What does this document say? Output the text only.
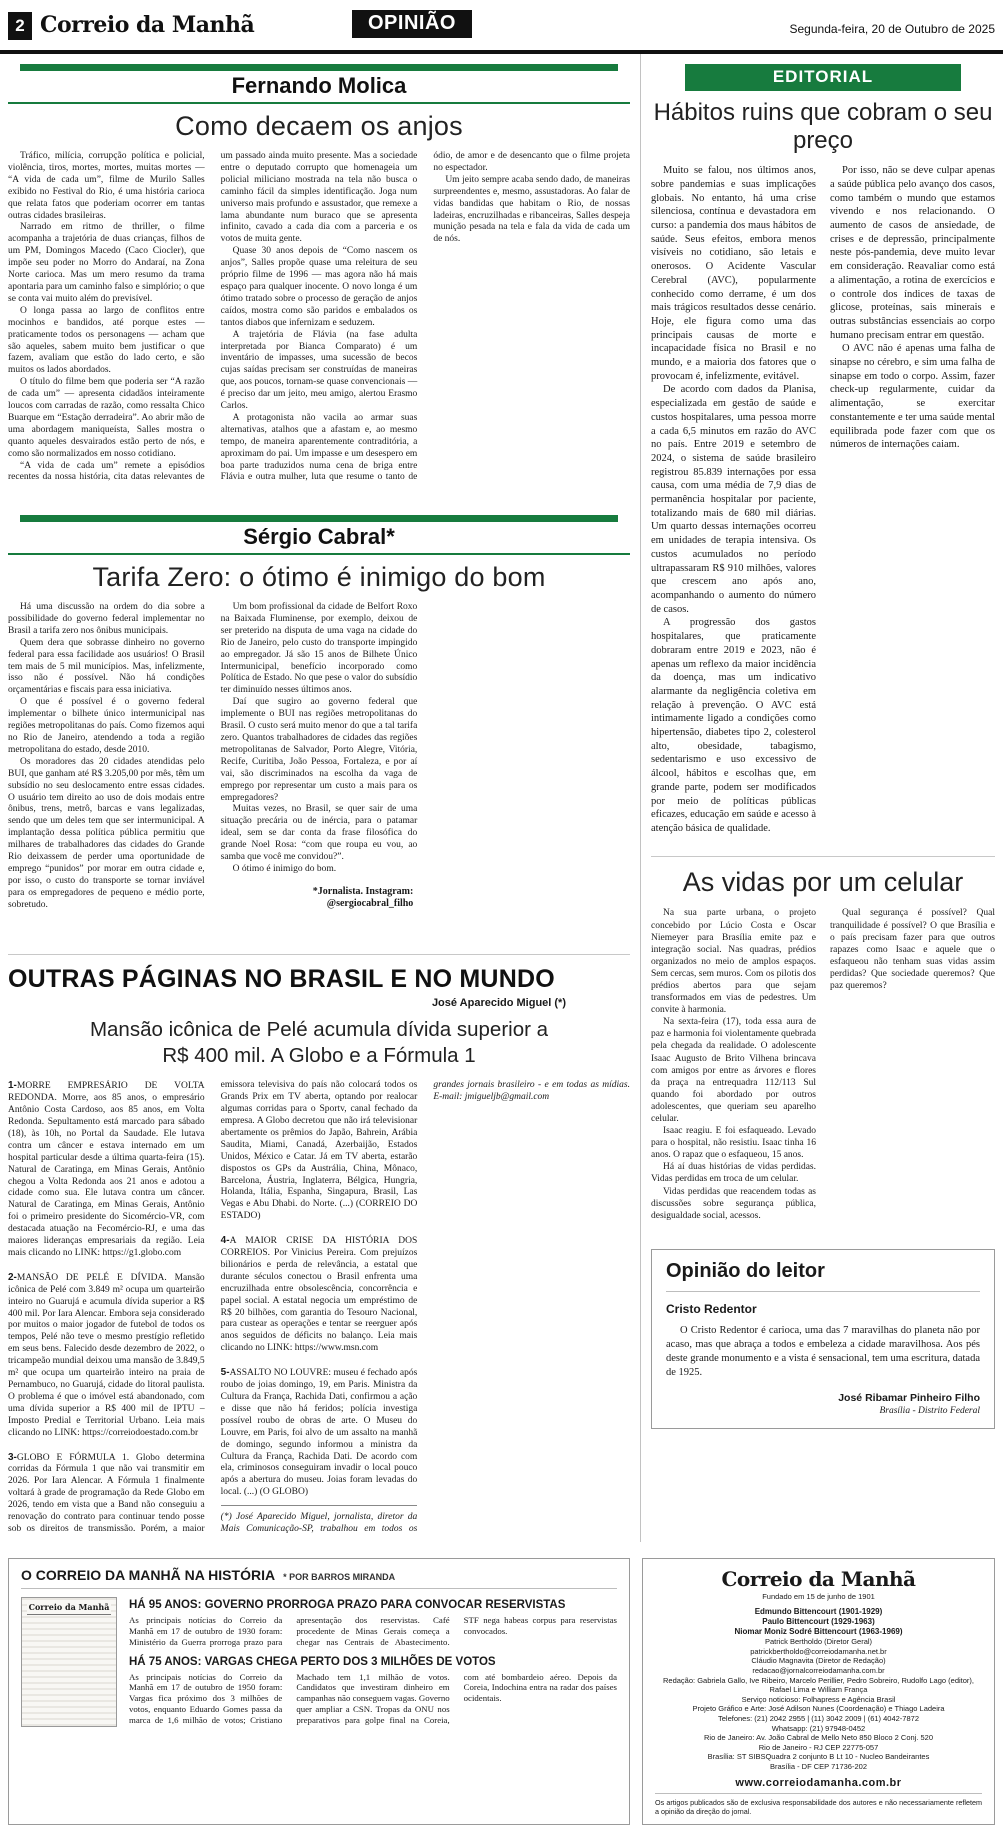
2 Correio da Manhã	OPINIÃO	Segunda-feira, 20 de Outubro de 2025
Fernando Molica
Como decaem os anjos

Tráfico, milícia, corrupção política e policial, violência, tiros, mortes, mortes, muitas mortes — “A vida de cada um”, filme de Murilo Salles exibido no Festival do Rio, é uma história carioca que relata fatos que poderiam ocorrer em tantas outras cidades brasileiras.

Narrado em ritmo de thriller, o filme acompanha a trajetória de duas crianças, filhos de um PM, Domingos Macedo (Caco Ciocler), que impõe seu poder no Morro do Andaraí, na Zona Norte carioca. Mas um mero resumo da trama apontaria para um caminho falso e simplório; o que se conta vai muito além do previsível.

O longa passa ao largo de conflitos entre mocinhos e bandidos, até porque estes — praticamente todos os personagens — acham que são aqueles, sabem muito bem justificar o que fazem, avaliam que estão do lado certo, e são muitos os lados abordados.

O título do filme bem que poderia ser “A razão de cada um” — apresenta cidadãos inteiramente loucos com carradas de razão, como ressalta Chico Buarque em “Estação derradeira”. Ao abrir mão de uma abordagem maniqueísta, Salles mostra o quanto aqueles desvairados estão perto de nós, e como são normalizados em nosso cotidiano.

“A vida de cada um” remete a episódios recentes da nossa história, cita datas relevantes de um passado ainda muito presente. Mas a sociedade entre o deputado corrupto que homenageia um policial miliciano mostrada na tela não busca o caminho fácil da simples identificação. Joga num universo mais profundo e assustador, que remexe a lama abundante num buraco que se apresenta infinito, cavado a cada dia com a parceria e os votos de muita gente.

Quase 30 anos depois de “Como nascem os anjos”, Salles propõe quase uma releitura de seu próprio filme de 1996 — mas agora não há mais espaço para qualquer inocente. O novo longa é um ótimo tratado sobre o processo de geração de anjos caídos, mostra como são paridos e embalados os tantos diabos que infernizam e seduzem.

A trajetória de Flávia (na fase adulta interpretada por Bianca Comparato) é um inventário de impasses, uma sucessão de becos cujas saídas precisam ser construídas de maneiras que, aos poucos, tornam-se quase convencionais — é preciso dar um jeito, meu amigo, alertou Erasmo Carlos.

A protagonista não vacila ao armar suas alternativas, atalhos que a afastam e, ao mesmo tempo, de maneira aparentemente contraditória, a aproximam do pai. Um impasse e um desespero em boa parte traduzidos numa cena de briga entre Flávia e outra mulher, luta que resume o tanto de ódio, de amor e de desencanto que o filme projeta no espectador.

Um jeito sempre acaba sendo dado, de maneiras surpreendentes e, mesmo, assustadoras. Ao falar de vidas bandidas que habitam o Rio, de nossas ladeiras, encruzilhadas e ribanceiras, Salles despeja munição pesada na tela e fala da vida de cada um de nós.

Sérgio Cabral*
Tarifa Zero: o ótimo é inimigo do bom

Há uma discussão na ordem do dia sobre a possibilidade do governo federal implementar no Brasil a tarifa zero nos ônibus municipais.

Quem dera que sobrasse dinheiro no governo federal para essa facilidade aos usuários! O Brasil tem mais de 5 mil municípios. Mas, infelizmente, isso não é possível. Não há condições orçamentárias e fiscais para essa iniciativa.

O que é possível é o governo federal implementar o bilhete único intermunicipal nas regiões metropolitanas do país. Como fizemos aqui no Rio de Janeiro, atendendo a toda a região metropolitana do estado, desde 2010.

Os moradores das 20 cidades atendidas pelo BUI, que ganham até R$ 3.205,00 por mês, têm um subsídio no seu deslocamento entre essas cidades. O usuário tem direito ao uso de dois modais entre ônibus, trens, metrô, barcas e vans legalizadas, sendo que um deles tem que ser intermunicipal. A implantação dessa política pública permitiu que milhares de trabalhadores das cidades do Grande Rio deixassem de perder uma oportunidade de emprego “punidos” por morar em outra cidade e, por isso, o custo do transporte se tornar inviável para os empregadores de pequeno e médio porte, sobretudo.

Um bom profissional da cidade de Belfort Roxo na Baixada Fluminense, por exemplo, deixou de ser preterido na disputa de uma vaga na cidade do Rio de Janeiro, pelo custo do transporte impingido ao empregador. Já são 15 anos de Bilhete Único Intermunicipal, benefício incorporado como Política de Estado. No que pese o valor do subsídio ter diminuído nesses últimos anos.

Daí que sugiro ao governo federal que implemente o BUI nas regiões metropolitanas do Brasil. O custo será muito menor do que a tal tarifa zero. Quantos trabalhadores de cidades das regiões metropolitanas de Salvador, Porto Alegre, Vitória, Recife, Curitiba, João Pessoa, Fortaleza, e por aí vai, são discriminados na escolha da vaga de emprego por representar um custo a mais para os empregadores?

Muitas vezes, no Brasil, se quer sair de uma situação precária ou de inércia, para o patamar ideal, sem se dar conta da frase filosófica do grande Noel Rosa: “com que roupa eu vou, ao samba que você me convidou?”.

O ótimo é inimigo do bom.

*Jornalista. Instagram:
@sergiocabral_filho
OUTRAS PÁGINAS NO BRASIL E NO MUNDO
José Aparecido Miguel (*)
Mansão icônica de Pelé acumula dívida superior a R$ 400 mil. A Globo e a Fórmula 1

1-MORRE EMPRESÁRIO DE VOLTA REDONDA. Morre, aos 85 anos, o empresário Antônio Costa Cardoso, aos 85 anos, em Volta Redonda. Sepultamento está marcado para sábado (18), às 10h, no Portal da Saudade. Ele lutava contra um câncer e estava internado em um hospital particular desde a última quarta-feira (15). Natural de Caratinga, em Minas Gerais, Antônio chegou a Volta Redonda aos 21 anos e adotou a cidade como sua. Ele lutava contra um câncer. Natural de Caratinga, em Minas Gerais, Antônio foi o primeiro presidente do Sicomércio-VR, com destacada atuação na Fecomércio-RJ, e uma das maiores lideranças empresariais da região. Leia mais clicando no LINK: https://g1.globo.com

2-MANSÃO DE PELÉ E DÍVIDA. Mansão icônica de Pelé com 3.849 m² ocupa um quarteirão inteiro no Guarujá e acumula dívida superior a R$ 400 mil. Por Iara Alencar. Embora seja considerado por muitos o maior jogador de futebol de todos os tempos, Pelé não teve o mesmo prestígio refletido em seus bens. Falecido desde dezembro de 2022, o tricampeão mundial deixou uma mansão de 3.849,5 m² que ocupa um quarteirão inteiro na praia de Pernambuco, no Guarujá, cidade do litoral paulista. O problema é que o imóvel está abandonado, com uma dívida superior a R$ 400 mil de IPTU – Imposto Predial e Territorial Urbano. Leia mais clicando no LINK: https://correiodoestado.com.br

3-GLOBO E FÓRMULA 1. Globo determina corridas da Fórmula 1 que não vai transmitir em 2026. Por Iara Alencar. A Fórmula 1 finalmente voltará à grade de programação da Rede Globo em 2026, tendo em vista que a Band não conseguiu a renovação do contrato para continuar tendo posse sob os direitos de transmissão. Porém, a maior emissora televisiva do país não colocará todos os Grands Prix em TV aberta, optando por realocar algumas corridas para o Sportv, canal fechado da empresa. A Globo decretou que não irá televisionar abertamente os prêmios do Japão, Bahrein, Arábia Saudita, Miami, Canadá, Azerbaijão, Estados Unidos, México e Catar. Já em TV aberta, estarão dispostos os GPs da Austrália, China, Mônaco, Barcelona, Áustria, Inglaterra, Bélgica, Hungria, Holanda, Itália, Espanha, Singapura, Brasil, Las Vegas e Abu Dhabi. do Norte. (...) (CORREIO DO ESTADO)

4-A MAIOR CRISE DA HISTÓRIA DOS CORREIOS. Por Vinicius Pereira. Com prejuízos bilionários e perda de relevância, a estatal que durante séculos conectou o Brasil enfrenta uma encruzilhada entre obsolescência, concorrência e papel social. A estatal negocia um empréstimo de R$ 20 bilhões, com garantia do Tesouro Nacional, para custear as operações e tentar se reerguer após anos seguidos de déficits no balanço. Leia mais clicando no LINK: https://www.msn.com

5-ASSALTO NO LOUVRE: museu é fechado após roubo de joias domingo, 19, em Paris. Ministra da Cultura da França, Rachida Dati, confirmou a ação e disse que não há feridos; polícia investiga possível roubo de obras de arte. O Museu do Louvre, em Paris, foi alvo de um assalto na manhã de domingo, segundo informou a ministra da Cultura da França, Rachida Dati. De acordo com ela, criminosos conseguiram invadir o local pouco após a abertura do museu. Joias foram levadas do local. (...) (O GLOBO)

(*) José Aparecido Miguel, jornalista, diretor da Mais Comunicação-SP, trabalhou em todos os grandes jornais brasileiro - e em todas as mídias. E-mail: jmigueljb@gmail.com

EDITORIAL
Hábitos ruins que cobram o seu preço

Muito se falou, nos últimos anos, sobre pandemias e suas implicações globais. No entanto, há uma crise silenciosa, contínua e devastadora em curso: a pandemia dos maus hábitos de saúde. Seus efeitos, embora menos visíveis no cotidiano, são letais e onerosos. O Acidente Vascular Cerebral (AVC), popularmente conhecido como derrame, é um dos mais trágicos resultados desse cenário. Hoje, ele figura como uma das principais causas de morte e incapacidade física no Brasil e no mundo, e a maioria dos fatores que o provocam é, infelizmente, evitável.

De acordo com dados da Planisa, especializada em gestão de saúde e custos hospitalares, uma pessoa morre a cada 6,5 minutos em razão do AVC no país. Entre 2019 e setembro de 2024, o sistema de saúde brasileiro registrou 85.839 internações por essa causa, com uma média de 7,9 dias de permanência hospitalar por paciente, totalizando mais de 680 mil diárias. Um quarto dessas internações ocorreu em unidades de terapia intensiva. Os custos acumulados no período ultrapassaram R$ 910 milhões, valores que crescem ano após ano, acompanhando o aumento do número de casos.

A progressão dos gastos hospitalares, que praticamente dobraram entre 2019 e 2023, não é apenas um reflexo da maior incidência da doença, mas um indicativo alarmante da negligência coletiva em relação à prevenção. O AVC está intimamente ligado a condições como hipertensão, diabetes tipo 2, colesterol alto, obesidade, tabagismo, sedentarismo e uso excessivo de álcool, hábitos e escolhas que, em grande parte, podem ser modificados por meio de políticas públicas eficazes, educação em saúde e acesso à atenção básica de qualidade.

Por isso, não se deve culpar apenas a saúde pública pelo avanço dos casos, como também o mundo que estamos vivendo e nos relacionando. O aumento de casos de ansiedade, de crises e de depressão, principalmente neste pós-pandemia, deve muito levar em consideração. Reavaliar como está a alimentação, a rotina de exercícios e o controle dos índices de taxas de glicose, proteínas, sais minerais e outras substâncias essenciais ao corpo humano precisam entrar em questão.

O AVC não é apenas uma falha de sinapse no cérebro, e sim uma falha de sinapse em todo o corpo. Assim, fazer check-up regularmente, cuidar da alimentação, se exercitar constantemente e ter uma saúde mental equilibrada pode fazer com que os números de internações caiam.

As vidas por um celular

Na sua parte urbana, o projeto concebido por Lúcio Costa e Oscar Niemeyer para Brasília emite paz e integração social. Nas quadras, prédios organizados no meio de amplos espaços. Sem cercas, sem muros. Com os pilotis dos prédios abertos para que sejam transformados em vias de pedestres. Um convite à harmonia.

Na sexta-feira (17), toda essa aura de paz e harmonia foi violentamente quebrada pela chegada da realidade. O adolescente Isaac Augusto de Brito Vilhena brincava com amigos por entre as árvores e flores da praça na entrequadra 112/113 Sul quando foi abordado por outros adolescentes, que queriam seu aparelho celular.

Isaac reagiu. E foi esfaqueado. Levado para o hospital, não resistiu. Isaac tinha 16 anos. O rapaz que o esfaqueou, 15 anos.

Há aí duas histórias de vidas perdidas. Vidas perdidas em troca de um celular.

Vidas perdidas que reacendem todas as discussões sobre segurança pública, desigualdade social, acessos.

Qual segurança é possível? Qual tranquilidade é possível? O que Brasília e o país precisam fazer para que outros rapazes como Isaac e aquele que o esfaqueou não tenham suas vidas assim perdidas? Que sociedade queremos? Que paz queremos?

Opinião do leitor
Cristo Redentor

O Cristo Redentor é carioca, uma das 7 maravilhas do planeta não por acaso, mas que abraça a todos e embeleza a cidade maravilhosa. Aos pés deste grande monumento e a vista é sensacional, tem uma escritura, datada de 1925.

José Ribamar Pinheiro Filho
Brasília - Distrito Federal
O CORREIO DA MANHÃ NA HISTÓRIA * POR BARROS MIRANDA
Correio da Manhã HÁ 95 ANOS: GOVERNO PRORROGA PRAZO PARA CONVOCAR RESERVISTAS
As principais notícias do Correio da Manhã em 17 de outubro de 1930 foram: Ministério da Guerra prorroga prazo para apresentação dos reservistas. Café procedente de Minas Gerais começa a chegar nas Centrais de Abastecimento. STF nega habeas corpus para reservistas convocados.
HÁ 75 ANOS: VARGAS CHEGA PERTO DOS 3 MILHÕES DE VOTOS
As principais notícias do Correio da Manhã em 17 de outubro de 1950 foram: Vargas fica próximo dos 3 milhões de votos, enquanto Eduardo Gomes passa da marca de 1,6 milhão de votos; Cristiano Machado tem 1,1 milhão de votos. Candidatos que investiram dinheiro em campanhas não conseguem vagas. Governo quer ampliar a CSN. Tropas da ONU nos preparativos para golpe final na Coreia, com até bombardeio aéreo. Depois da Coreia, Indochina entra na radar dos países ocidentais.
Correio da Manhã
Fundado em 15 de junho de 1901
Edmundo Bittencourt (1901-1929)
Paulo Bittencourt (1929-1963)
Niomar Moniz Sodré Bittencourt (1963-1969)
Patrick Bertholdo (Diretor Geral)
patrickbertholdo@correiodamanha.net.br
Cláudio Magnavita (Diretor de Redação)
redacao@jornalcorreiodamanha.com.br
Redação: Gabriela Gallo, Ive Ribeiro, Marcelo Perillier, Pedro Sobreiro, Rudolfo Lago (editor), Rafael Lima e William França
Serviço noticioso: Folhapress e Agência Brasil
Projeto Gráfico e Arte: José Adilson Nunes (Coordenação) e Thiago Ladeira
Telefones: (21) 2042 2955 | (11) 3042 2009 | (61) 4042-7872
Whatsapp: (21) 97948-0452
Rio de Janeiro: Av. João Cabral de Mello Neto 850 Bloco 2 Conj. 520
Rio de Janeiro - RJ CEP 22775-057
Brasília: ST SIBSQuadra 2 conjunto B Lt 10 - Nucleo Bandeirantes
Brasília - DF CEP 71736-202
www.correiodamanha.com.br
Os artigos publicados são de exclusiva responsabilidade dos autores e não necessariamente refletem a opinião da direção do jornal.
